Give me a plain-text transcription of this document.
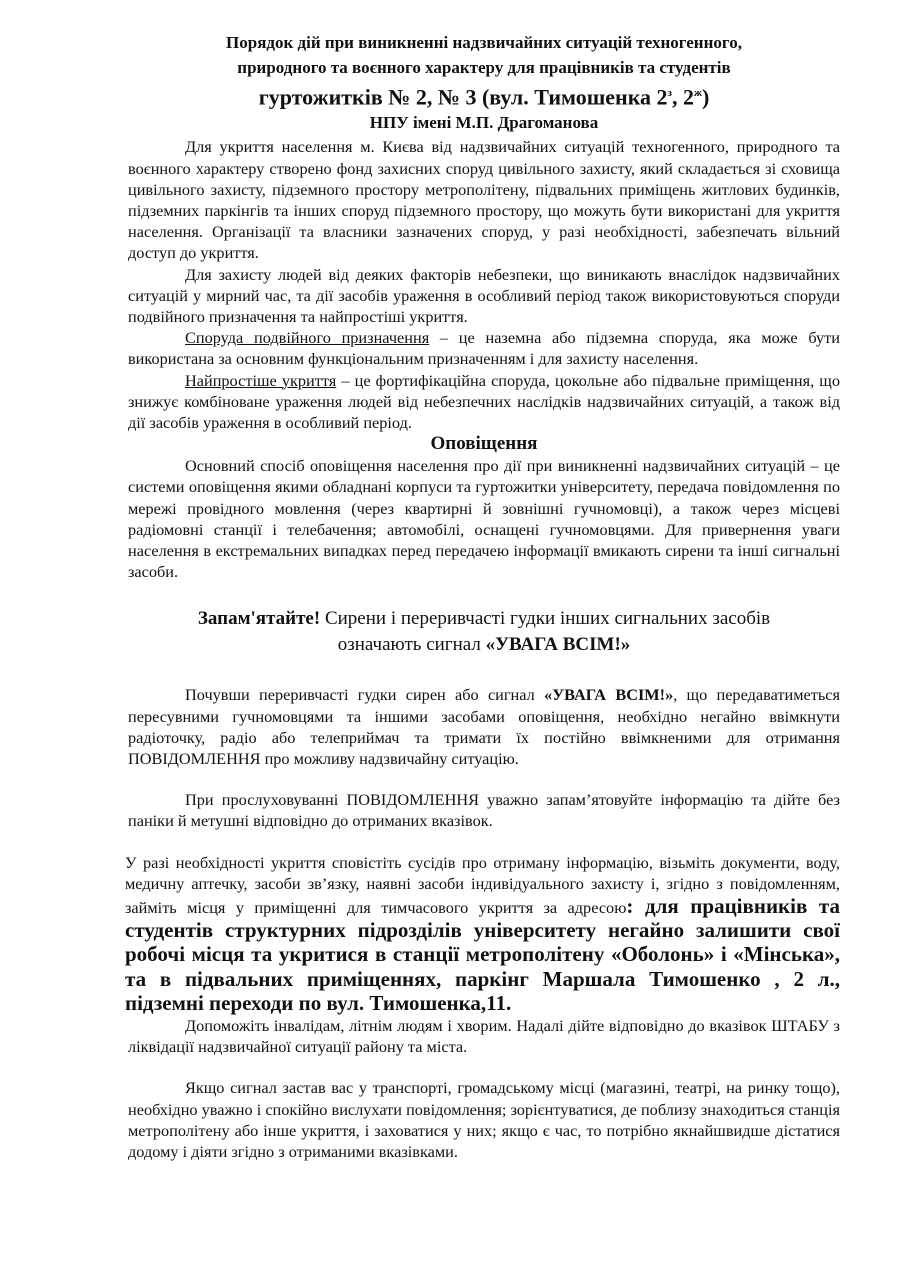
Порядок дій при виникненні надзвичайних ситуацій техногенного,
природного та воєнного характеру для працівників та студентів
гуртожитків № 2, № 3 (вул. Тимошенка $2^з$, $2^ж$)
НПУ імені М.П. Драгоманова

Для укриття населення м. Києва від надзвичайних ситуацій техногенного, природного та воєнного характеру створено фонд захисних споруд цивільного захисту, який складається зі сховища цивільного захисту, підземного простору метрополітену, підвальних приміщень житлових будинків, підземних паркінгів та інших споруд підземного простору, що можуть бути використані для укриття населення. Організації та власники зазначених споруд, у разі необхідності, забезпечать вільний доступ до укриття.

Для захисту людей від деяких факторів небезпеки, що виникають внаслідок надзвичайних ситуацій у мирний час, та дії засобів ураження в особливий період також використовуються споруди подвійного призначення та найпростіші укриття.

Споруда подвійного призначення – це наземна або підземна споруда, яка може бути використана за основним функціональним призначенням і для захисту населення.

Найпростіше укриття – це фортифікаційна споруда, цокольне або підвальне приміщення, що знижує комбіноване ураження людей від небезпечних наслідків надзвичайних ситуацій, а також від дії засобів ураження в особливий період.

Оповіщення

Основний спосіб оповіщення населення про дії при виникненні надзвичайних ситуацій – це системи оповіщення якими обладнані корпуси та гуртожитки університету, передача повідомлення по мережі провідного мовлення (через квартирні й зовнішні гучномовці), а також через місцеві радіомовні станції і телебачення; автомобілі, оснащені гучномовцями. Для привернення уваги населення в екстремальних випадках перед передачею інформації вмикають сирени та інші сигнальні засоби.

Запам'ятайте! Сирени і переривчасті гудки інших сигнальних засобів
означають сигнал «УВАГА ВСІМ!»

Почувши переривчасті гудки сирен або сигнал «УВАГА ВСІМ!», що передаватиметься пересувними гучномовцями та іншими засобами оповіщення, необхідно негайно ввімкнути радіоточку, радіо або телеприймач та тримати їх постійно ввімкненими для отримання ПОВІДОМЛЕННЯ про можливу надзвичайну ситуацію.

При прослуховуванні ПОВІДОМЛЕННЯ уважно запам’ятовуйте інформацію та дійте без паніки й метушні відповідно до отриманих вказівок.

У разі необхідності укриття сповістіть сусідів про отриману інформацію, візьміть документи, воду, медичну аптечку, засоби зв’язку, наявні засоби індивідуального захисту і, згідно з повідомленням, займіть місця у приміщенні для тимчасового укриття за адресою: для працівників та студентів структурних підрозділів університету негайно залишити свої робочі місця та укритися в станції метрополітену «Оболонь» і «Мінська», та в підвальних приміщеннях, паркінг Маршала Тимошенко , 2 л., підземні переходи по вул. Тимошенка,11.

Допоможіть інвалідам, літнім людям і хворим. Надалі дійте відповідно до вказівок ШТАБУ з ліквідації надзвичайної ситуації району та міста.

Якщо сигнал застав вас у транспорті, громадському місці (магазині, театрі, на ринку тощо), необхідно уважно і спокійно вислухати повідомлення; зорієнтуватися, де поблизу знаходиться станція метрополітену або інше укриття, і заховатися у них; якщо є час, то потрібно якнайшвидше дістатися додому і діяти згідно з отриманими вказівками.
